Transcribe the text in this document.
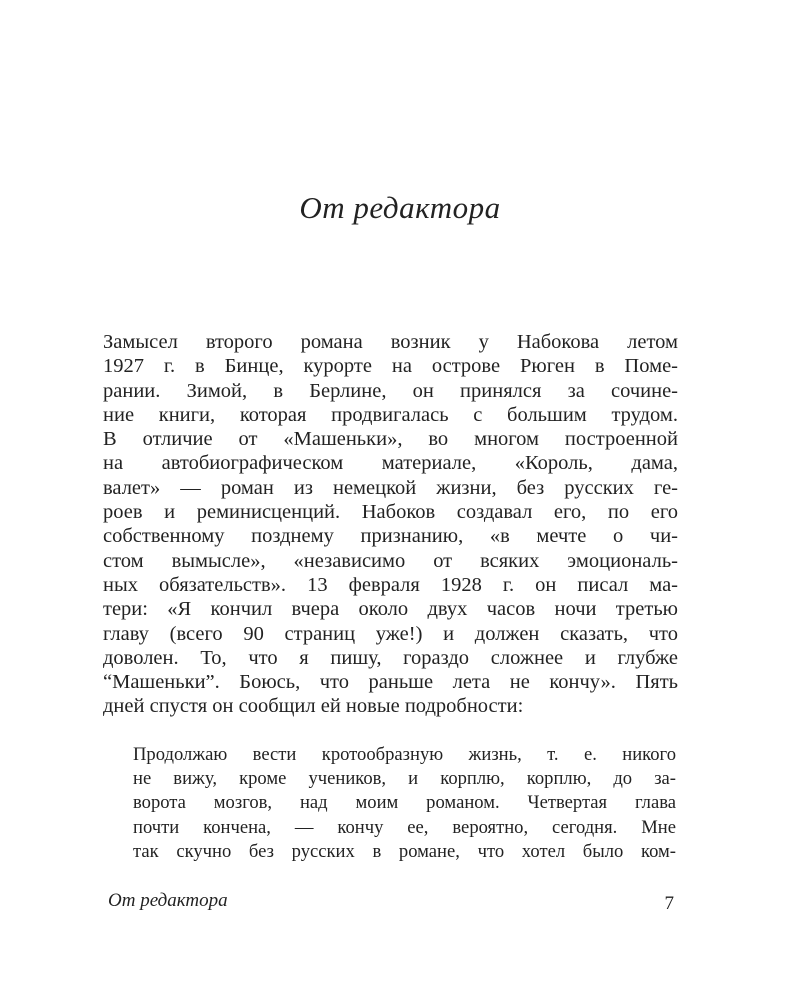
От редактора
Замысел второго романа возник у Набокова летом
1927 г. в Бинце, курорте на острове Рюген в Поме-
рании. Зимой, в Берлине, он принялся за сочине-
ние книги, которая продвигалась с большим трудом.
В отличие от «Машеньки», во многом построенной
на автобиографическом материале, «Король, дама,
валет» — роман из немецкой жизни, без русских ге-
роев и реминисценций. Набоков создавал его, по его
собственному позднему признанию, «в мечте о чи-
стом вымысле», «независимо от всяких эмоциональ-
ных обязательств». 13 февраля 1928 г. он писал ма-
тери: «Я кончил вчера около двух часов ночи третью
главу (всего 90 страниц уже!) и должен сказать, что
доволен. То, что я пишу, гораздо сложнее и глубже
“Машеньки”. Боюсь, что раньше лета не кончу». Пять
дней спустя он сообщил ей новые подробности:
Продолжаю вести кротообразную жизнь, т. е. никого
не вижу, кроме учеников, и корплю, корплю, до за-
ворота мозгов, над моим романом. Четвертая глава
почти кончена, — кончу ее, вероятно, сегодня. Мне
так скучно без русских в романе, что хотел было ком-
От редактора	7
